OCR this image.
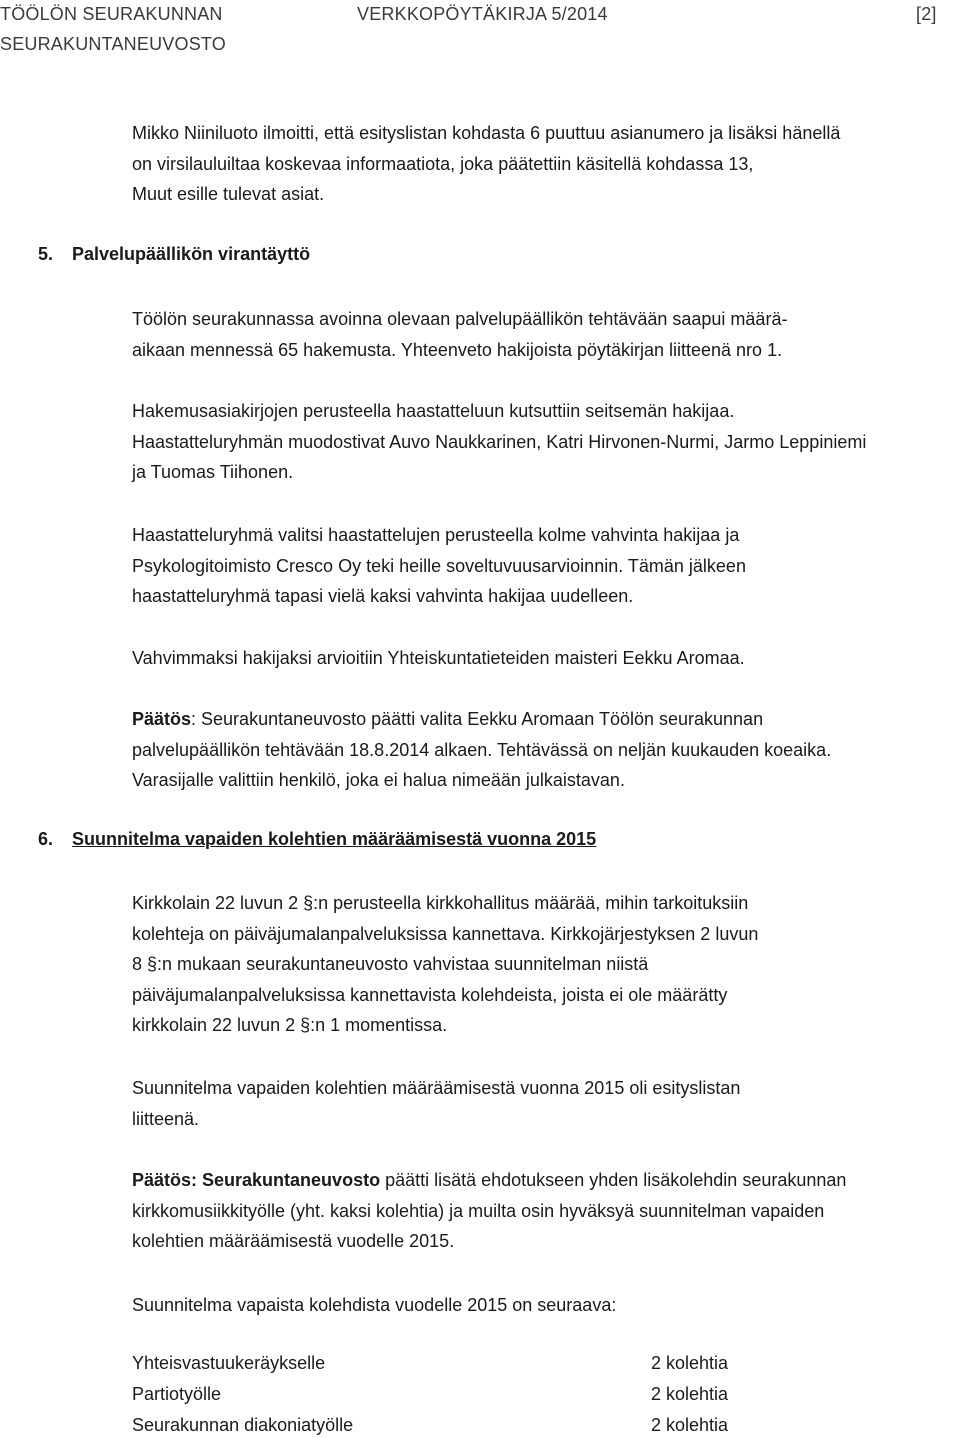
TÖÖLÖN SEURAKUNNAN
SEURAKUNTANEUVOSTO
VERKKOPÖYTÄKIRJA 5/2014	[2]
Mikko Niiniluoto ilmoitti, että esityslistan kohdasta 6 puuttuu asianumero ja lisäksi hänellä
on virsilauluiltaa koskevaa informaatiota, joka päätettiin käsitellä kohdassa 13,
Muut esille tulevat asiat.
5. Palvelupäällikön virantäyttö
Töölön seurakunnassa avoinna olevaan palvelupäällikön tehtävään saapui määrä-
aikaan mennessä 65 hakemusta. Yhteenveto hakijoista pöytäkirjan liitteenä nro 1.
Hakemusasiakirjojen perusteella haastatteluun kutsuttiin seitsemän hakijaa.
Haastatteluryhmän muodostivat Auvo Naukkarinen, Katri Hirvonen-Nurmi, Jarmo Leppiniemi
ja Tuomas Tiihonen.
Haastatteluryhmä valitsi haastattelujen perusteella kolme vahvinta hakijaa ja
Psykologitoimisto Cresco Oy teki heille soveltuvuusarvioinnin. Tämän jälkeen
haastatteluryhmä tapasi vielä kaksi vahvinta hakijaa uudelleen.
Vahvimmaksi hakijaksi arvioitiin Yhteiskuntatieteiden maisteri Eekku Aromaa.
Päätös: Seurakuntaneuvosto päätti valita Eekku Aromaan Töölön seurakunnan
palvelupäällikön tehtävään 18.8.2014 alkaen. Tehtävässä on neljän kuukauden koeaika.
Varasijalle valittiin henkilö, joka ei halua nimeään julkaistavan.
6. Suunnitelma vapaiden kolehtien määräämisestä vuonna 2015
Kirkkolain 22 luvun 2 §:n perusteella kirkkohallitus määrää, mihin tarkoituksiin
kolehteja on päiväjumalanpalveluksissa kannettava. Kirkkojärjestyksen 2 luvun
8 §:n mukaan seurakuntaneuvosto vahvistaa suunnitelman niistä
päiväjumalanpalveluksissa kannettavista kolehdeista, joista ei ole määrätty
kirkkolain 22 luvun 2 §:n 1 momentissa.
Suunnitelma vapaiden kolehtien määräämisestä vuonna 2015 oli esityslistan
liitteenä.
Päätös: Seurakuntaneuvosto päätti lisätä ehdotukseen yhden lisäkolehdin seurakunnan
kirkkomusiikkityölle (yht. kaksi kolehtia) ja muilta osin hyväksyä suunnitelman vapaiden
kolehtien määräämisestä vuodelle 2015.
Suunnitelma vapaista kolehdista vuodelle 2015 on seuraava:
Yhteisvastuukeräykselle	2 kolehtia
Partiotyölle	2 kolehtia
Seurakunnan diakoniatyölle	2 kolehtia
